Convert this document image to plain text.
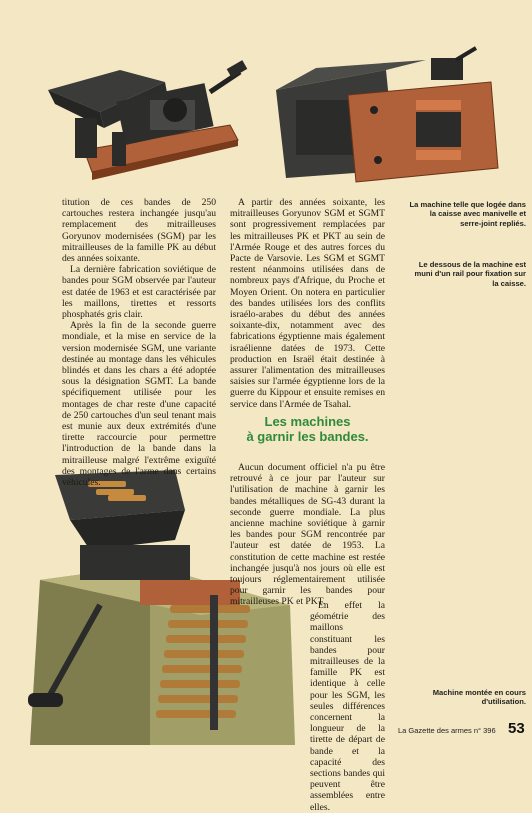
titution de ces bandes de 250 cartouches restera inchangée jusqu'au remplacement des mitrailleuses Goryunov modernisées (SGM) par les mitrailleuses de la famille PK au début des années soixante.

La dernière fabrication soviétique de bandes pour SGM observée par l'auteur est datée de 1963 et est caractérisée par les maillons, tirettes et ressorts phosphatés gris clair.

Après la fin de la seconde guerre mondiale, et la mise en service de la version modernisée SGM, une variante destinée au montage dans les véhicules blindés et dans les chars a été adoptée sous la désignation SGMT. La bande spécifiquement utilisée pour les montages de char reste d'une capacité de 250 cartouches d'un seul tenant mais est munie aux deux extrémités d'une tirette raccourcie pour permettre l'introduction de la bande dans la mitrailleuse malgré l'extrême exiguïté des montages de l'arme dans certains véhicules.

A partir des années soixante, les mitrailleuses Goryunov SGM et SGMT sont progressivement remplacées par les mitrailleuses PK et PKT au sein de l'Armée Rouge et des autres forces du Pacte de Varsovie. Les SGM et SGMT restent néanmoins utilisées dans de nombreux pays d'Afrique, du Proche et Moyen Orient. On notera en particulier des bandes utilisées lors des conflits israélo-arabes du début des années soixante-dix, notamment avec des fabrications égyptienne mais également israélienne datées de 1973. Cette production en Israël était destinée à assurer l'alimentation des mitrailleuses saisies sur l'armée égyptienne lors de la guerre du Kippour et ensuite remises en service dans l'Armée de Tsahal.

La machine telle que logée dans la caisse avec manivelle et serre-joint repliés.
Le dessous de la machine est muni d'un rail pour fixation sur la caisse.
Les machines
à garnir les bandes.

Aucun document officiel n'a pu être retrouvé à ce jour par l'auteur sur l'utilisation de machine à garnir les bandes métalliques de SG-43 durant la seconde guerre mondiale. La plus ancienne machine soviétique à garnir les bandes pour SGM rencontrée par l'auteur est datée de 1953. La constitution de cette machine est restée inchangée jusqu'à nos jours où elle est toujours réglementairement utilisée pour garnir les bandes pour mitrailleuses PK et PKT.

En effet la géométrie des maillons constituant les bandes pour mitrailleuses de la famille PK est identique à celle pour les SGM, les seules différences concernent la longueur de la tirette de départ de bande et la capacité des sections bandes qui peuvent être assemblées entre elles.

Machine montée en cours d'utilisation.
La Gazette des armes n° 396 53
